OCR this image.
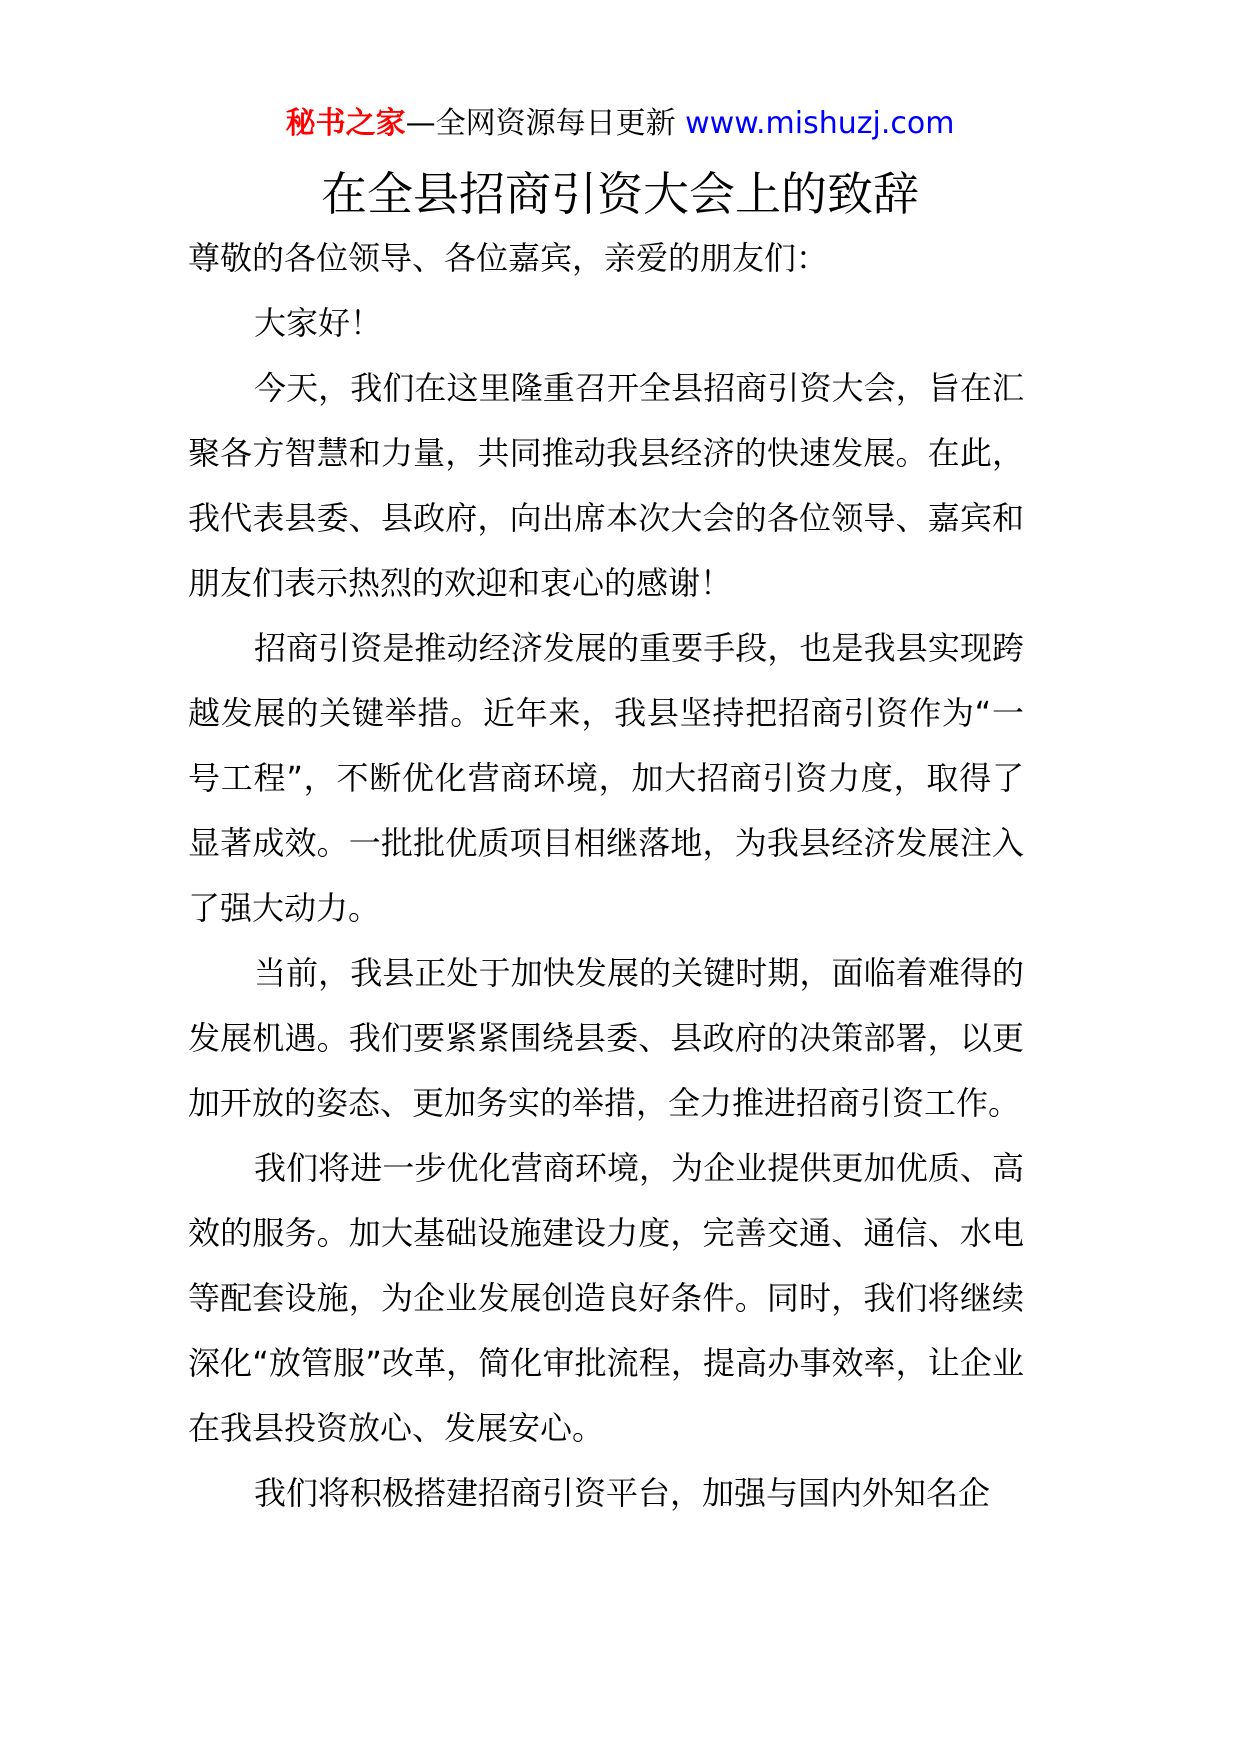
秘书之家—全网资源每日更新 www.mishuzj.com
在全县招商引资大会上的致辞

尊敬的各位领导、各位嘉宾，亲爱的朋友们：

大家好！

今天，我们在这里隆重召开全县招商引资大会，旨在汇聚各方智慧和力量，共同推动我县经济的快速发展。在此，我代表县委、县政府，向出席本次大会的各位领导、嘉宾和朋友们表示热烈的欢迎和衷心的感谢！

招商引资是推动经济发展的重要手段，也是我县实现跨越发展的关键举措。近年来，我县坚持把招商引资作为“一号工程”，不断优化营商环境，加大招商引资力度，取得了显著成效。一批批优质项目相继落地，为我县经济发展注入了强大动力。

当前，我县正处于加快发展的关键时期，面临着难得的发展机遇。我们要紧紧围绕县委、县政府的决策部署，以更加开放的姿态、更加务实的举措，全力推进招商引资工作。

我们将进一步优化营商环境，为企业提供更加优质、高效的服务。加大基础设施建设力度，完善交通、通信、水电等配套设施，为企业发展创造良好条件。同时，我们将继续深化“放管服”改革，简化审批流程，提高办事效率，让企业在我县投资放心、发展安心。

我们将积极搭建招商引资平台，加强与国内外知名企
